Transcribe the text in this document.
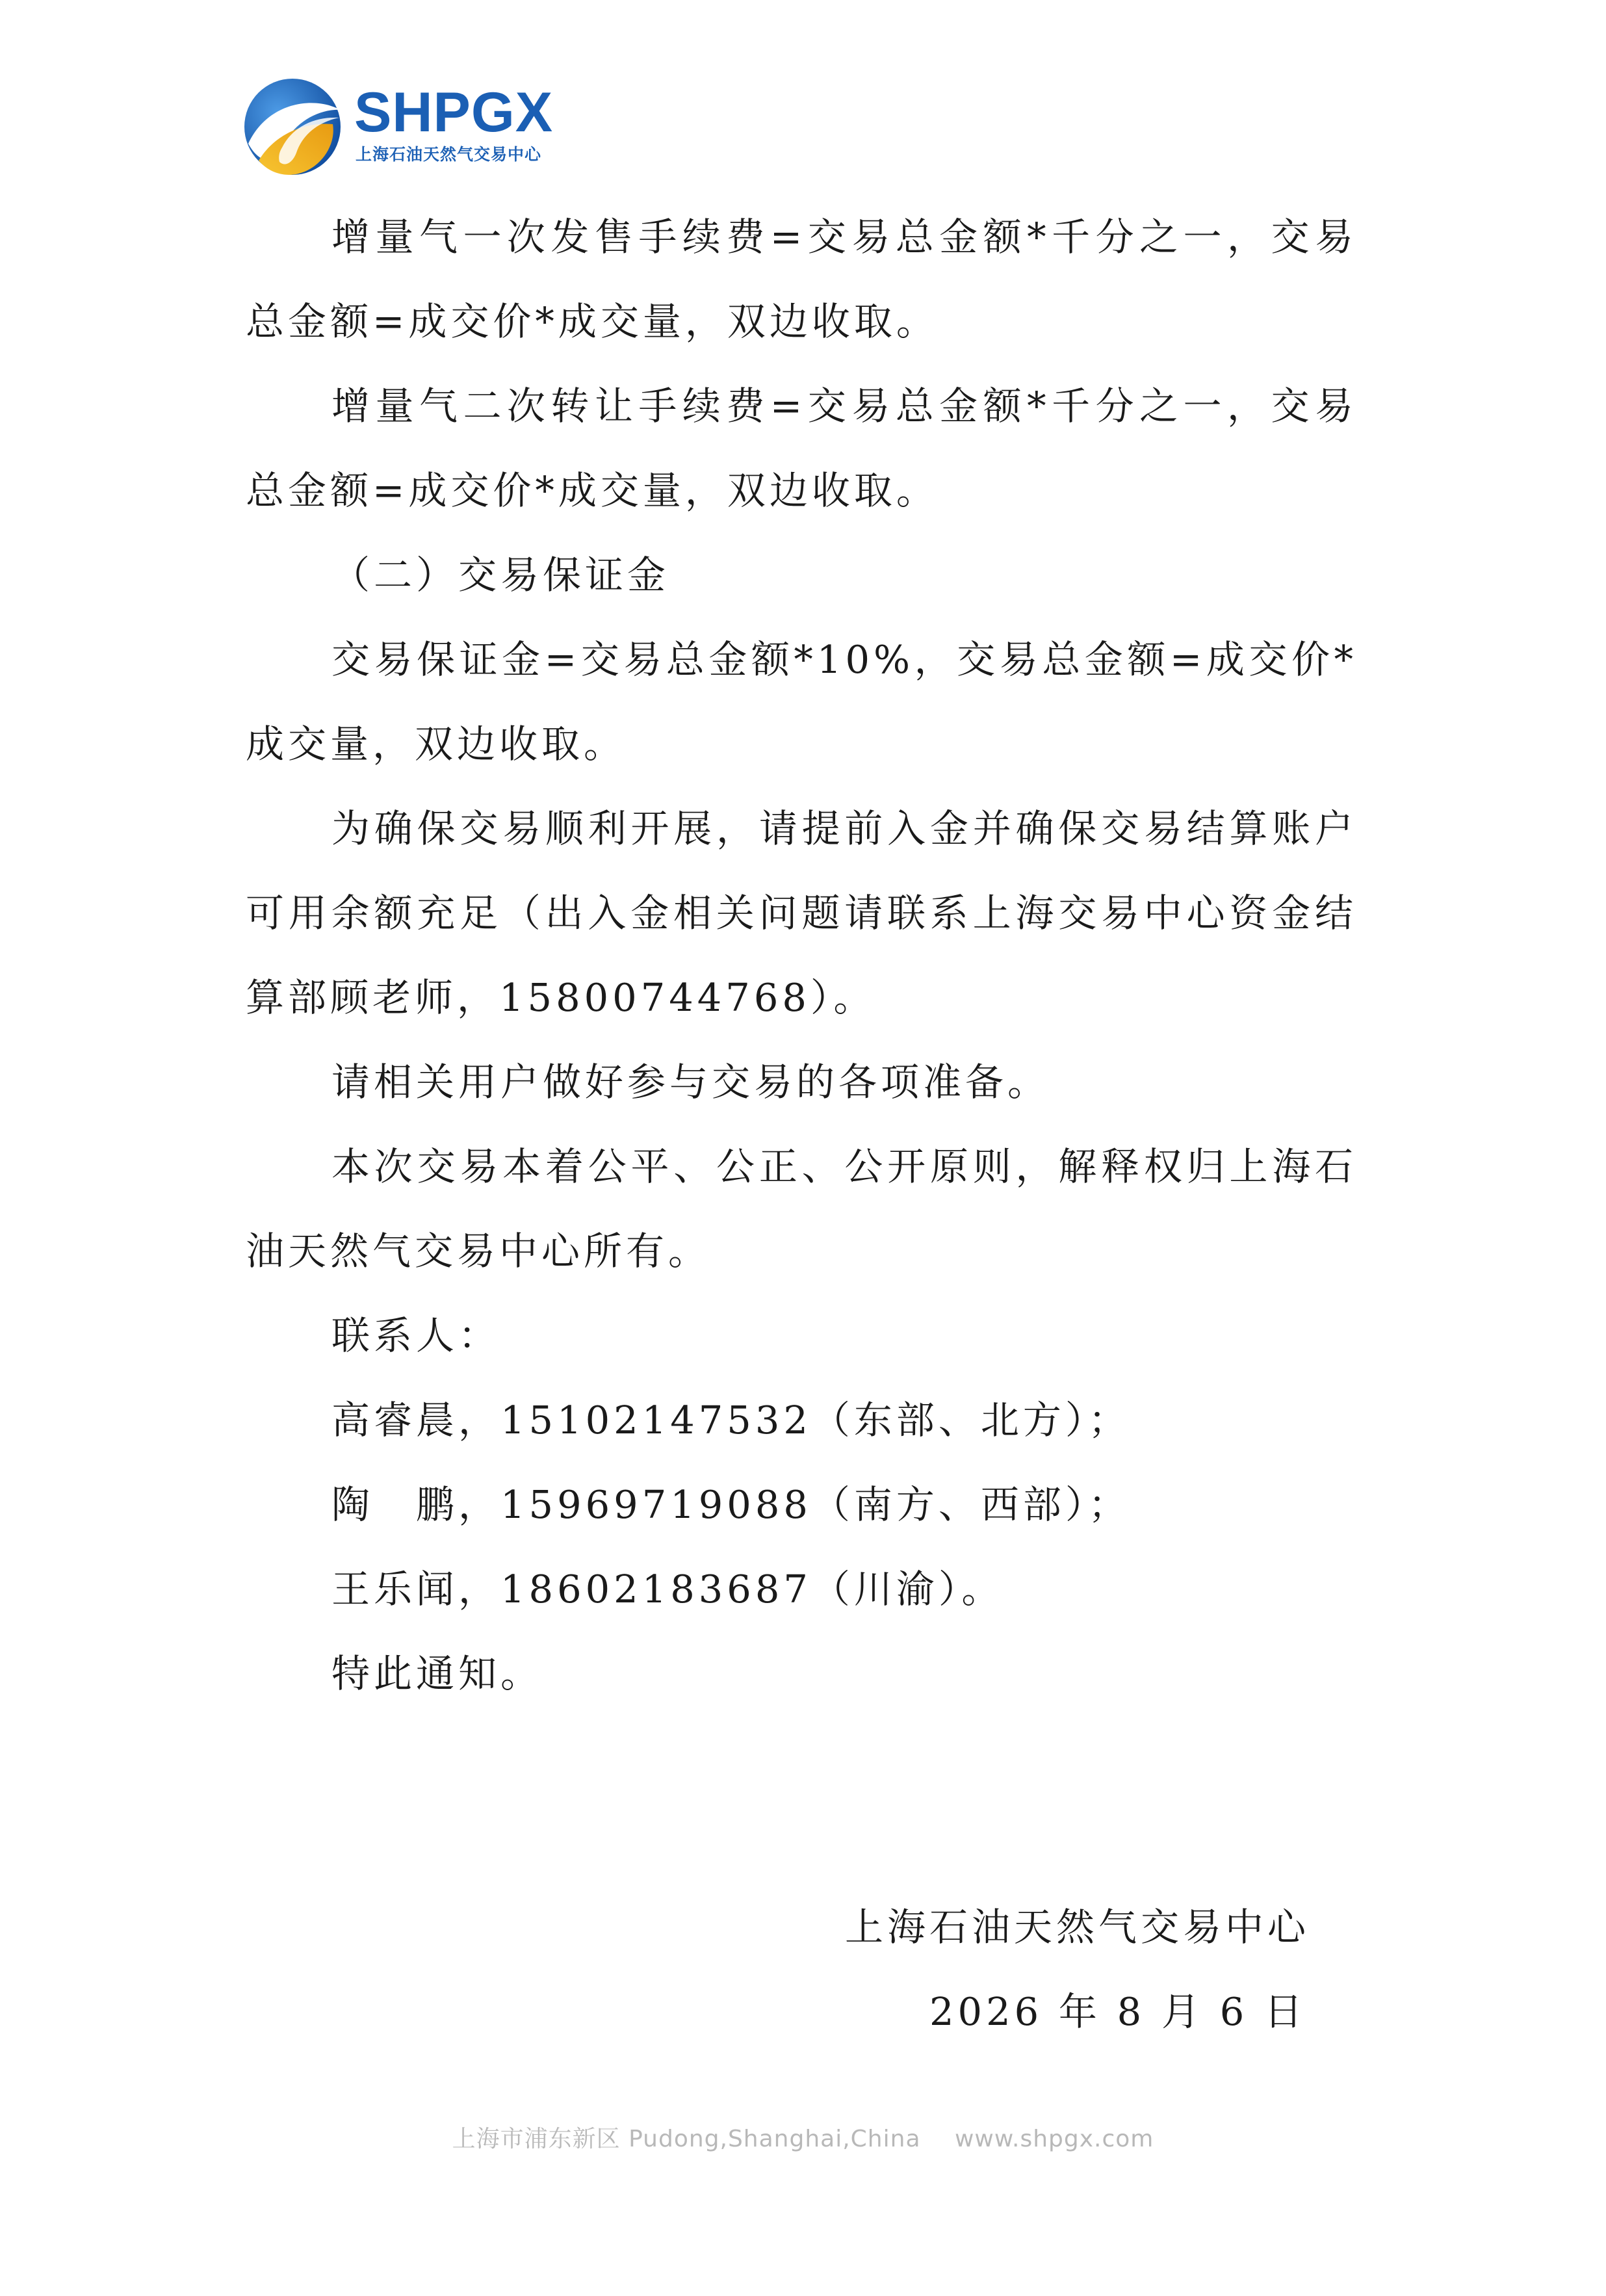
SHPGX
上海石油天然气交易中心

增量气一次发售手续费=交易总金额*千分之一，交易总金额=成交价*成交量，双边收取。

增量气二次转让手续费=交易总金额*千分之一，交易总金额=成交价*成交量，双边收取。

（二）交易保证金

交易保证金=交易总金额*10%，交易总金额=成交价*成交量，双边收取。

为确保交易顺利开展，请提前入金并确保交易结算账户可用余额充足（出入金相关问题请联系上海交易中心资金结算部顾老师，15800744768）。

请相关用户做好参与交易的各项准备。

本次交易本着公平、公正、公开原则，解释权归上海石油天然气交易中心所有。

联系人：

高睿晨，15102147532（东部、北方）；

陶　鹏，15969719088（南方、西部）；

王乐闻，18602183687（川渝）。

特此通知。

上海石油天然气交易中心

2026 年 8 月 6 日

上海市浦东新区 Pudong,Shanghai,China www.shpgx.com
